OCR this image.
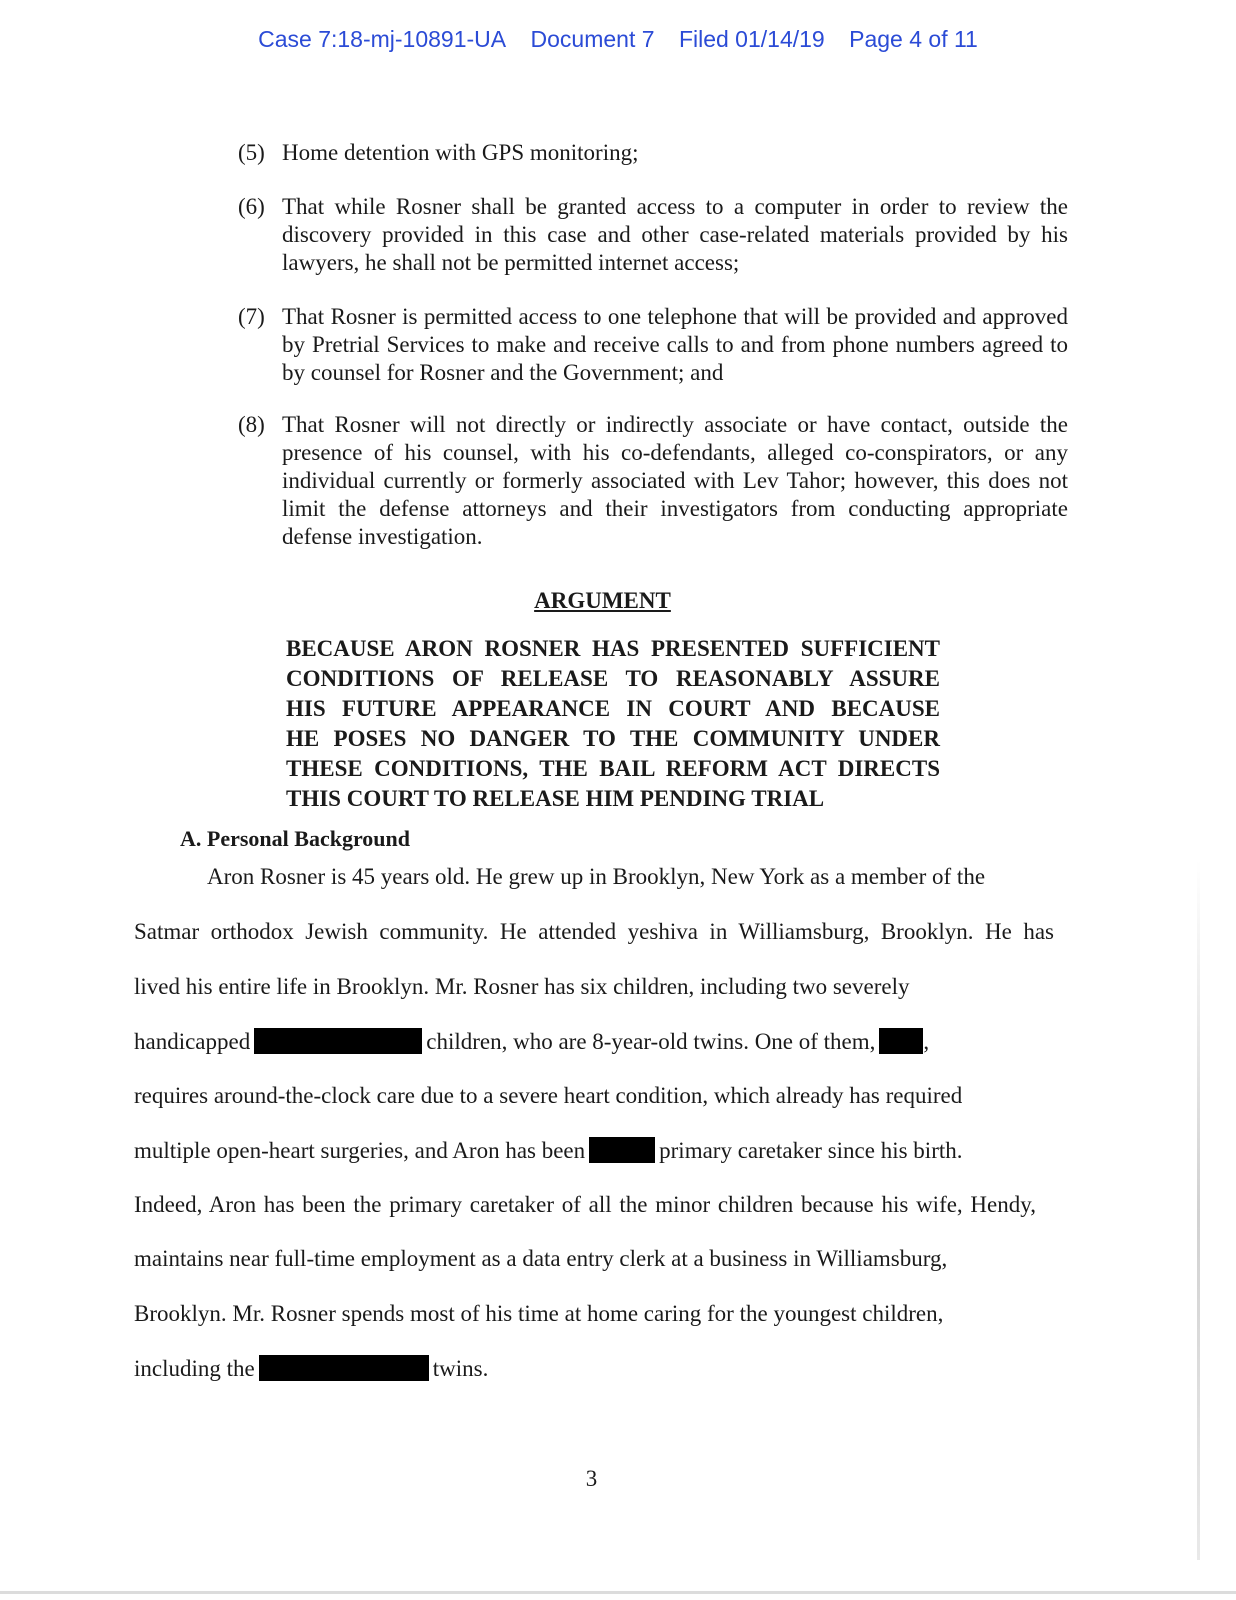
Case 7:18-mj-10891-UA Document 7 Filed 01/14/19 Page 4 of 11
(5) Home detention with GPS monitoring;
(6) That while Rosner shall be granted access to a computer in order to review the discovery provided in this case and other case-related materials provided by his lawyers, he shall not be permitted internet access;
(7) That Rosner is permitted access to one telephone that will be provided and approved by Pretrial Services to make and receive calls to and from phone numbers agreed to by counsel for Rosner and the Government; and
(8) That Rosner will not directly or indirectly associate or have contact, outside the presence of his counsel, with his co-defendants, alleged co-conspirators, or any individual currently or formerly associated with Lev Tahor; however, this does not limit the defense attorneys and their investigators from conducting appropriate defense investigation.
ARGUMENT
BECAUSE ARON ROSNER HAS PRESENTED SUFFICIENT
CONDITIONS OF RELEASE TO REASONABLY ASSURE
HIS FUTURE APPEARANCE IN COURT AND BECAUSE
HE POSES NO DANGER TO THE COMMUNITY UNDER
THESE CONDITIONS, THE BAIL REFORM ACT DIRECTS
THIS COURT TO RELEASE HIM PENDING TRIAL
A. Personal Background
Aron Rosner is 45 years old. He grew up in Brooklyn, New York as a member of the
Satmar orthodox Jewish community. He attended yeshiva in Williamsburg, Brooklyn. He has
lived his entire life in Brooklyn. Mr. Rosner has six children, including two severely
handicapped	children, who are 8-year-old twins. One of them, ,
requires around-the-clock care due to a severe heart condition, which already has required
multiple open-heart surgeries, and Aron has been	primary caretaker since his birth.
Indeed, Aron has been the primary caretaker of all the minor children because his wife, Hendy,
maintains near full-time employment as a data entry clerk at a business in Williamsburg,
Brooklyn. Mr. Rosner spends most of his time at home caring for the youngest children,
including the	twins.
3
